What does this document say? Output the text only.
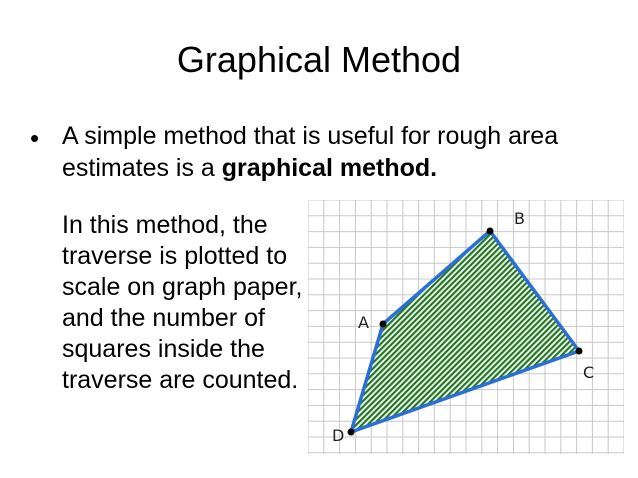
Graphical Method
• A simple method that is useful for rough area estimates is a graphical method.
In this method, the traverse is plotted to scale on graph paper, and the number of squares inside the traverse are counted.
A
B
C
D
